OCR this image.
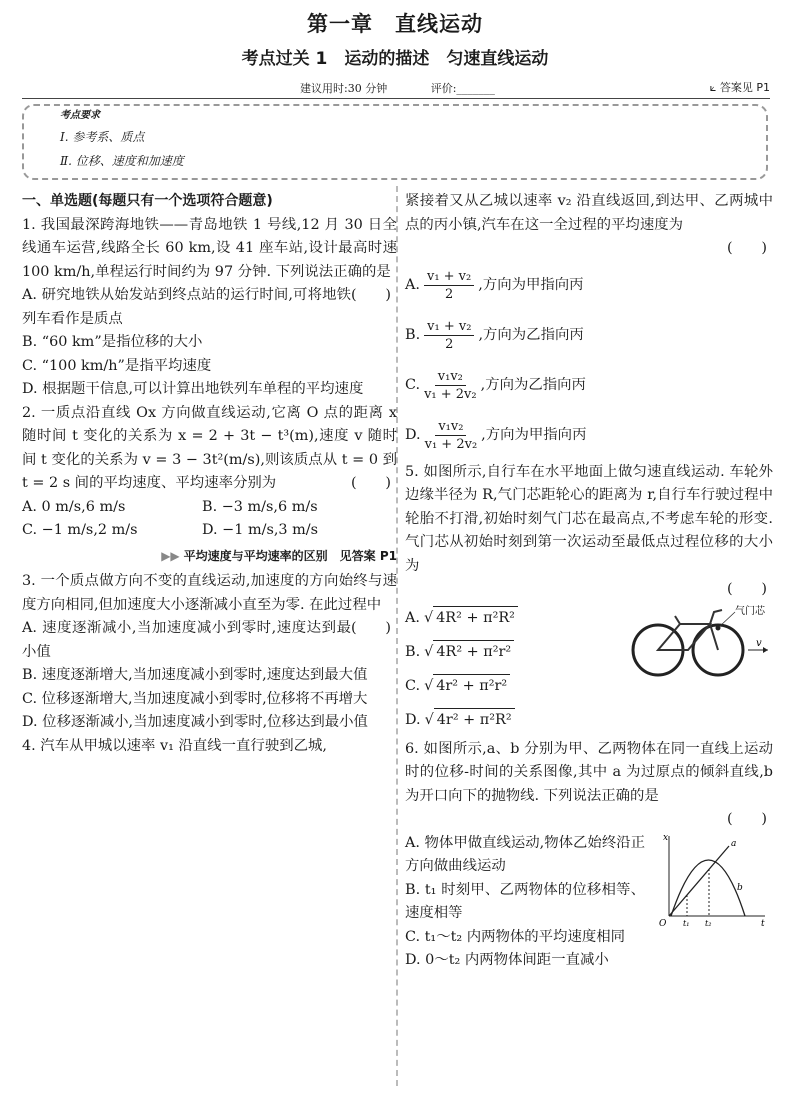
第一章　直线运动
考点过关 1　运动的描述　匀速直线运动
建议用时:30 分钟	评价:_______	⟀ 答案见 P1
考点要求
Ⅰ. 参考系、质点
Ⅱ. 位移、速度和加速度

一、单选题(每题只有一个选项符合题意)

1. 我国最深跨海地铁——青岛地铁 1 号线,12 月 30 日全线通车运营,线路全长 60 km,设 41 座车站,设计最高时速 100 km/h,单程运行时间约为 97 分钟. 下列说法正确的是
(　　)

A. 研究地铁从始发站到终点站的运行时间,可将地铁列车看作是质点

B. “60 km”是指位移的大小

C. “100 km/h”是指平均速度

D. 根据题干信息,可以计算出地铁列车单程的平均速度

2. 一质点沿直线 Ox 方向做直线运动,它离 O 点的距离 x 随时间 t 变化的关系为 x = 2 + 3t − t³(m),速度 v 随时间 t 变化的关系为 v = 3 − 3t²(m/s),则该质点从 t = 0 到 t = 2 s 间的平均速度、平均速率分别为	(　　)

A. 0 m/s,6 m/s	B. −3 m/s,6 m/s
C. −1 m/s,2 m/s	D. −1 m/s,3 m/s
▶▶ 平均速度与平均速率的区别　见答案 P1

3. 一个质点做方向不变的直线运动,加速度的方向始终与速度方向相同,但加速度大小逐渐减小直至为零. 在此过程中
(　　)

A. 速度逐渐减小,当加速度减小到零时,速度达到最小值

B. 速度逐渐增大,当加速度减小到零时,速度达到最大值

C. 位移逐渐增大,当加速度减小到零时,位移将不再增大

D. 位移逐渐减小,当加速度减小到零时,位移达到最小值

4. 汽车从甲城以速率 v₁ 沿直线一直行驶到乙城,

紧接着又从乙城以速率 v₂ 沿直线返回,到达甲、乙两城中点的丙小镇,汽车在这一全过程的平均速度为

(　　)
A. $\frac{\text{v₁ + v₂}}{2}$ ,方向为甲指向丙
B. $\frac{\text{v₁ + v₂}}{2}$ ,方向为乙指向丙
C. $\frac{\text{v₁v₂}}{\text{v₁ + 2v₂}}$ ,方向为乙指向丙
D. $\frac{\text{v₁v₂}}{\text{v₁ + 2v₂}}$ ,方向为甲指向丙

5. 如图所示,自行车在水平地面上做匀速直线运动. 车轮外边缘半径为 R,气门芯距轮心的距离为 r,自行车行驶过程中轮胎不打滑,初始时刻气门芯在最高点,不考虑车轮的形变. 气门芯从初始时刻到第一次运动至最低点过程位移的大小为

(　　)
A. √ 4R² + π²R²
B. √ 4R² + π²r²
C. √ 4r² + π²r²
D. √ 4r² + π²R²
气门芯
v

6. 如图所示,a、b 分别为甲、乙两物体在同一直线上运动时的位移-时间的关系图像,其中 a 为过原点的倾斜直线,b 为开口向下的抛物线. 下列说法正确的是

(　　)

A. 物体甲做直线运动,物体乙始终沿正方向做曲线运动

B. t₁ 时刻甲、乙两物体的位移相等、速度相等

C. t₁～t₂ 内两物体的平均速度相同

D. 0～t₂ 内两物体间距一直减小

x
t
O t₁ t₂
a
b
